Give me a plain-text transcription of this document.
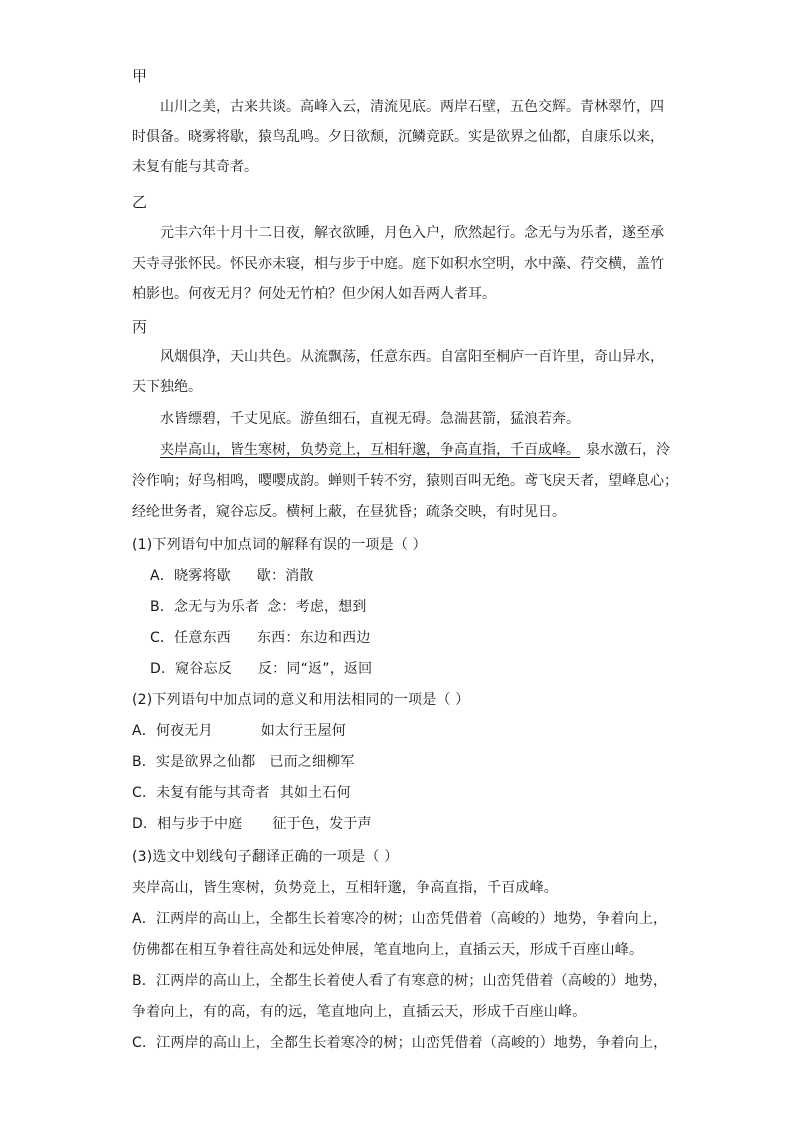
甲
山川之美，古来共谈。高峰入云，清流见底。两岸石壁，五色交辉。青林翠竹，四
时俱备。晓雾将歇，猿鸟乱鸣。夕日欲颓，沉鳞竞跃。实是欲界之仙都，自康乐以来，
未复有能与其奇者。
乙
元丰六年十月十二日夜，解衣欲睡，月色入户，欣然起行。念无与为乐者，遂至承
天寺寻张怀民。怀民亦未寝，相与步于中庭。庭下如积水空明，水中藻、荇交横，盖竹
柏影也。何夜无月？何处无竹柏？但少闲人如吾两人者耳。
丙
风烟俱净，天山共色。从流飘荡，任意东西。自富阳至桐庐一百许里，奇山异水，
天下独绝。
水皆缥碧，千丈见底。游鱼细石，直视无碍。急湍甚箭，猛浪若奔。
夹岸高山，皆生寒树，负势竞上，互相轩邈，争高直指，千百成峰。 泉水激石，泠
泠作响；好鸟相鸣，嘤嘤成韵。蝉则千转不穷，猿则百叫无绝。鸢飞戾天者，望峰息心；
经纶世务者，窥谷忘反。横柯上蔽，在昼犹昏；疏条交映，有时见日。
(1)下列语句中加点词的解释有误的一项是（ ）
A．晓雾将歇 歇：消散
B．念无与为乐者 念：考虑，想到
C．任意东西 东西：东边和西边
D．窥谷忘反 反：同“返”，返回
(2)下列语句中加点词的意义和用法相同的一项是（ ）
A．何夜无月	如太行王屋何
B．实是欲界之仙都 已而之细柳军
C．未复有能与其奇者 其如土石何
D．相与步于中庭 征于色，发于声
(3)选文中划线句子翻译正确的一项是（ ）
夹岸高山，皆生寒树，负势竞上，互相轩邈，争高直指，千百成峰。
A．江两岸的高山上，全都生长着寒冷的树；山峦凭借着（高峻的）地势，争着向上，
仿佛都在相互争着往高处和远处伸展，笔直地向上，直插云天，形成千百座山峰。
B．江两岸的高山上，全都生长着使人看了有寒意的树；山峦凭借着（高峻的）地势，
争着向上，有的高，有的远，笔直地向上，直插云天，形成千百座山峰。
C．江两岸的高山上，全都生长着寒冷的树；山峦凭借着（高峻的）地势，争着向上，
